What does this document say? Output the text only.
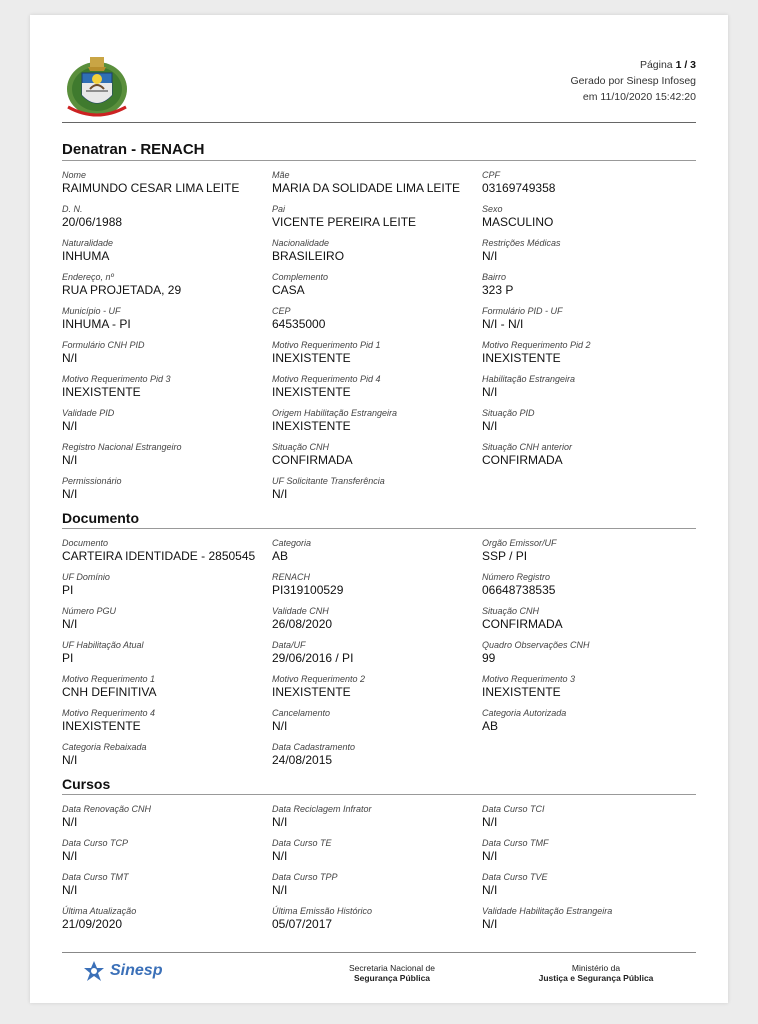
Página 1 / 3
Gerado por Sinesp Infoseg
em 11/10/2020 15:42:20
Denatran - RENACH
Nome
RAIMUNDO CESAR LIMA LEITE
Mãe
MARIA DA SOLIDADE LIMA LEITE
CPF
03169749358
D. N.
20/06/1988
Pai
VICENTE PEREIRA LEITE
Sexo
MASCULINO
Naturalidade
INHUMA
Nacionalidade
BRASILEIRO
Restrições Médicas
N/I
Endereço, nº
RUA PROJETADA, 29
Complemento
CASA
Bairro
323 P
Município - UF
INHUMA - PI
CEP
64535000
Formulário PID - UF
N/I - N/I
Formulário CNH PID
N/I
Motivo Requerimento Pid 1
INEXISTENTE
Motivo Requerimento Pid 2
INEXISTENTE
Motivo Requerimento Pid 3
INEXISTENTE
Motivo Requerimento Pid 4
INEXISTENTE
Habilitação Estrangeira
N/I
Validade PID
N/I
Origem Habilitação Estrangeira
INEXISTENTE
Situação PID
N/I
Registro Nacional Estrangeiro
N/I
Situação CNH
CONFIRMADA
Situação CNH anterior
CONFIRMADA
Permissionário
N/I
UF Solicitante Transferência
N/I
Documento
Documento
CARTEIRA IDENTIDADE - 2850545
Categoria
AB
Orgão Emissor/UF
SSP / PI
UF Domínio
PI
RENACH
PI319100529
Número Registro
06648738535
Número PGU
N/I
Validade CNH
26/08/2020
Situação CNH
CONFIRMADA
UF Habilitação Atual
PI
Data/UF
29/06/2016 / PI
Quadro Observações CNH
99
Motivo Requerimento 1
CNH DEFINITIVA
Motivo Requerimento 2
INEXISTENTE
Motivo Requerimento 3
INEXISTENTE
Motivo Requerimento 4
INEXISTENTE
Cancelamento
N/I
Categoria Autorizada
AB
Categoria Rebaixada
N/I
Data Cadastramento
24/08/2015
Cursos
Data Renovação CNH
N/I
Data Reciclagem Infrator
N/I
Data Curso TCI
N/I
Data Curso TCP
N/I
Data Curso TE
N/I
Data Curso TMF
N/I
Data Curso TMT
N/I
Data Curso TPP
N/I
Data Curso TVE
N/I
Última Atualização
21/09/2020
Última Emissão Histórico
05/07/2017
Validade Habilitação Estrangeira
N/I
Sinesp	Secretaria Nacional de
Segurança Pública
Ministério da
Justiça e Segurança Pública
